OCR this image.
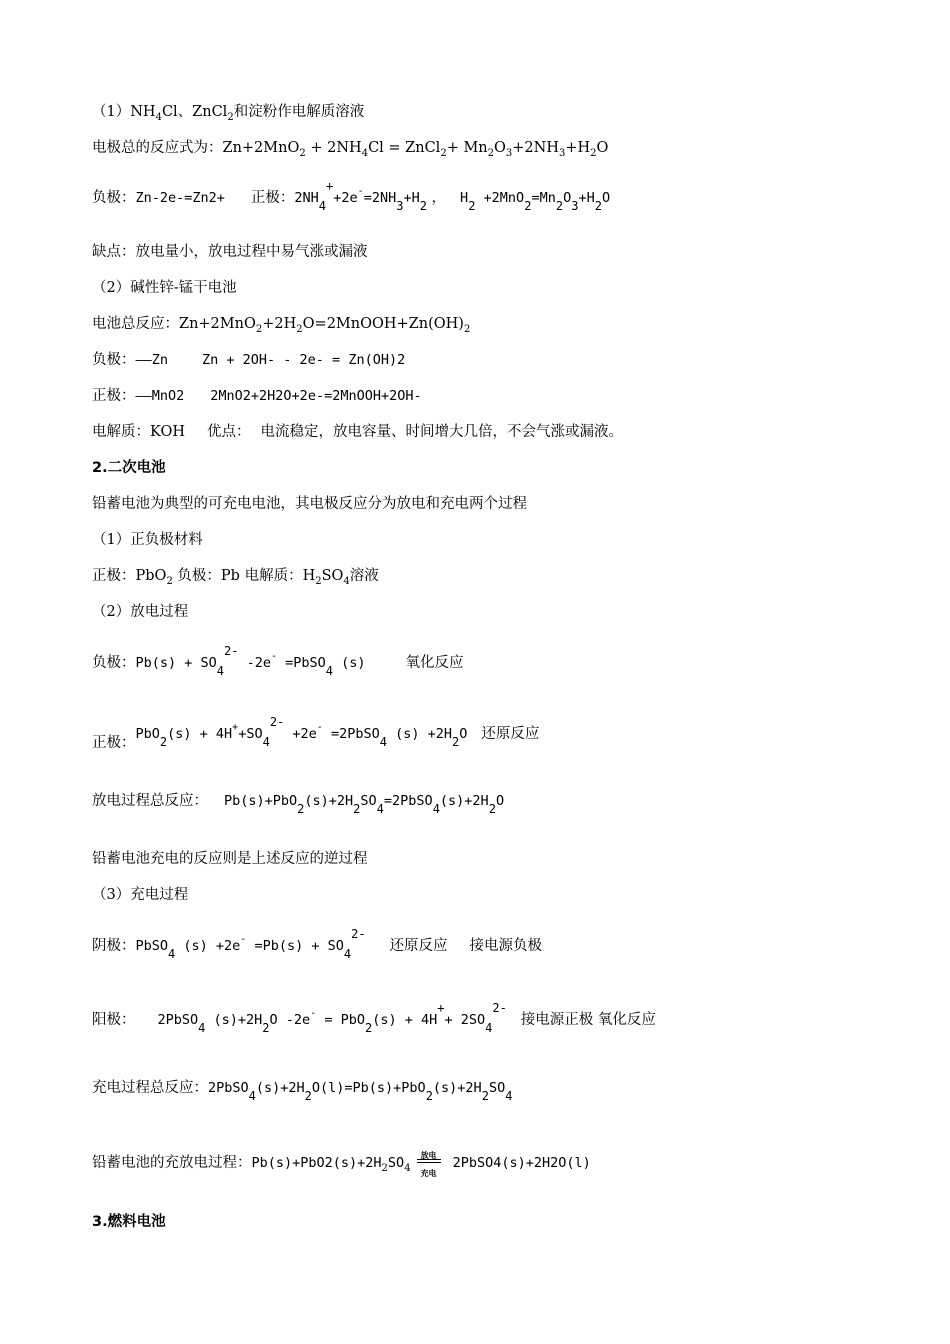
$(1)NH_4Cl$、ZnCl$_2$和淀粉作电解质溶液
电极总的反应式为：$Zn+2MnO_2 + 2NH_4Cl$ = ZnCl$_2$+ $Mn_2O_3+2NH_3+H_2O$
负极：Zn-2e-=Zn2+ 正极：$2NH_4^++2e^-=2NH_3+H_2$ ， $H_2 +2MnO_2=Mn_2O_3+H_2O$
缺点：放电量小，放电过程中易气涨或漏液
（2）碱性锌-锰干电池
电池总反应：$Zn+2MnO_2+2H_2O=2MnOOH+Zn(OH)_2$
负极：——Zn	Zn + 2OH- - 2e- = Zn(OH)2
正极：——MnO2 2MnO2+2H2O+2e-=2MnOOH+2OH-
电解质：KOH 优点： 电流稳定，放电容量、时间增大几倍，不会气涨或漏液。
2.二次电池
铅蓄电池为典型的可充电电池，其电极反应分为放电和充电两个过程
（1）正负极材料
正极：PbO$_2$ 负极：Pb 电解质：$H_2SO_4$溶液
（2）放电过程
负极：$Pb(s) + SO_4^{2-}$ -2e- =PbSO$_4$ (s)	氧化反应
正极：$PbO_2(s) + 4H^++SO_4^{2-} +2e^-$ =2PbSO$_4$ $(s) +2H_2O$ 还原反应
放电过程总反应： $Pb(s)+PbO_2(s)+2H_2SO_4=2PbSO_4(s)+2H_2O$
铅蓄电池充电的反应则是上述反应的逆过程
（3）充电过程
阴极：PbSO$_4$ $(s) +2e^- =Pb(s) + SO_4^{2-}$还原反应 接电源负极
阳极： 2PbSO$_4$ $(s)+2H_2O$ $-2e^- = PbO_2(s) + 4H^++ 2SO_4^{2-}$接电源正极 氧化反应
充电过程总反应：$2PbSO_4(s)+2H_2O(l)=Pb(s)+PbO_2(s)+2H_2SO_4$
铅蓄电池的充放电过程：$Pb(s)+PbO2(s)+2H_2SO_4$
放电
充电
2PbSO4(s)+2H2O(l)
3.燃料电池
